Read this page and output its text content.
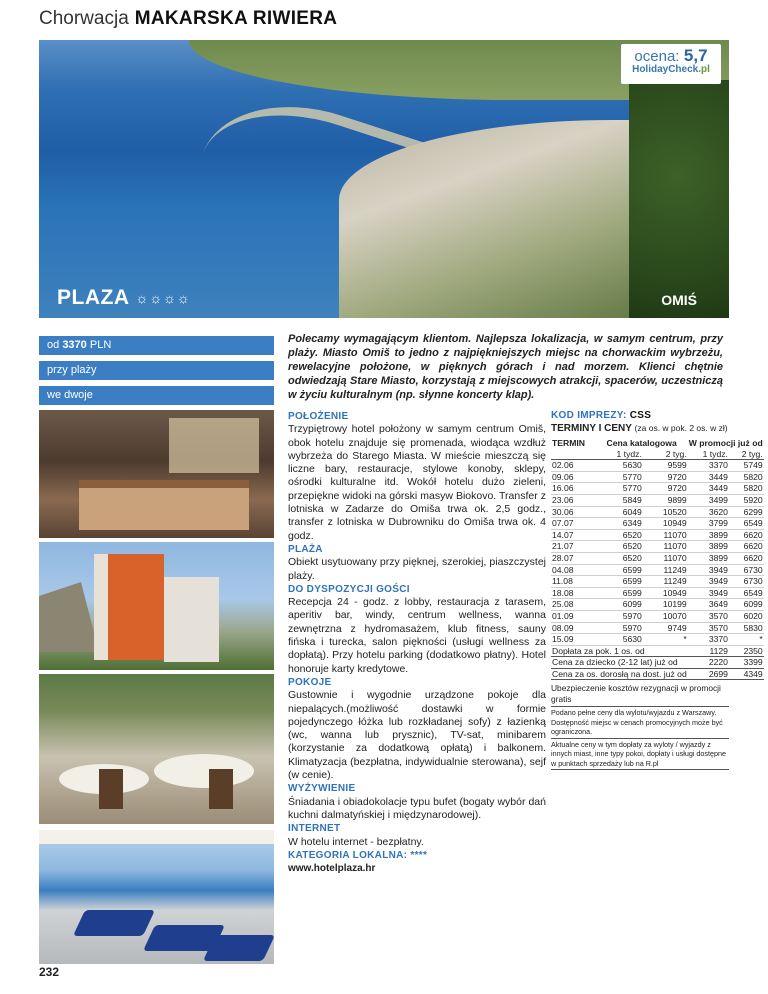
Chorwacja MAKARSKA RIWIERA
PLAZA ☼☼☼☼	OMIŚ
ocena: 5,7
HolidayCheck.pl
od 3370 PLN
przy plaży
we dwoje

Polecamy wymagającym klientom. Najlepsza lokalizacja, w samym centrum, przy plaży. Miasto Omiš to jedno z najpiękniejszych miejsc na chorwackim wybrzeżu, rewelacyjne położone, w pięknych górach i nad morzem. Klienci chętnie odwiedzają Stare Miasto, korzystają z miejscowych atrakcji, spacerów, uczestniczą w życiu kulturalnym (np. słynne koncerty klap).

POŁOŻENIE

Trzypiętrowy hotel położony w samym centrum Omiš, obok hotelu znajduje się promenada, wiodąca wzdłuż wybrzeża do Starego Miasta. W mieście mieszczą się liczne bary, restauracje, stylowe konoby, sklepy, ośrodki kulturalne itd. Wokół hotelu dużo zieleni, przepiękne widoki na górski masyw Biokovo. Transfer z lotniska w Zadarze do Omiša trwa ok. 2,5 godz., transfer z lotniska w Dubrowniku do Omiša trwa ok. 4 godz.

PLAŻA

Obiekt usytuowany przy pięknej, szerokiej, piaszczystej plaży.

DO DYSPOZYCJI GOŚCI

Recepcja 24 - godz. z lobby, restauracja z tarasem, aperitiv bar, windy, centrum wellness, wanna zewnętrzna z hydromasażem, klub fitness, sauny fińska i turecka, salon piękności (usługi wellness za dopłatą). Przy hotelu parking (dodatkowo płatny). Hotel honoruje karty kredytowe.

POKOJE

Gustownie i wygodnie urządzone pokoje dla niepalących.(możliwość dostawki w formie pojedynczego łóżka lub rozkładanej sofy) z łazienką (wc, wanna lub prysznic), TV-sat, minibarem (korzystanie za dodatkową opłatą) i balkonem. Klimatyzacja (bezpłatna, indywidualnie sterowana), sejf (w cenie).

WYŻYWIENIE

Śniadania i obiadokolacje typu bufet (bogaty wybór dań kuchni dalmatyńskiej i międzynarodowej).

INTERNET

W hotelu internet - bezpłatny.

KATEGORIA LOKALNA: ****
www.hotelplaza.hr
KOD IMPREZY: CSS
TERMINY I CENY (za os. w pok. 2 os. w zł)
TERMIN	Cena katalogowa		W promocji już od	
	1 tydz.	2 tyg.	1 tydz.	2 tyg.
02.06	5630	9599	3370	5749
09.06	5770	9720	3449	5820
16.06	5770	9720	3449	5820
23.06	5849	9899	3499	5920
30.06	6049	10520	3620	6299
07.07	6349	10949	3799	6549
14.07	6520	11070	3899	6620
21.07	6520	11070	3899	6620
28.07	6520	11070	3899	6620
04.08	6599	11249	3949	6730
11.08	6599	11249	3949	6730
18.08	6599	10949	3949	6549
25.08	6099	10199	3649	6099
01.09	5970	10070	3570	6020
08.09	5970	9749	3570	5830
15.09	5630	*	3370	*
Dopłata za pok. 1 os. od			1129	2350
Cena za dziecko (2-12 lat) już od			2220	3399
Cena za os. dorosłą na dost. już od			2699	4349
Ubezpieczenie kosztów rezygnacji w promocji gratis
Podano pełne ceny dla wylotu/wyjazdu z Warszawy. Dostępność miejsc w cenach promocyjnych może być ograniczona.
Aktualne ceny w tym dopłaty za wyloty / wyjazdy z innych miast, inne typy pokoi, dopłaty i usługi dostępne w punktach sprzedaży lub na R.pl
232
